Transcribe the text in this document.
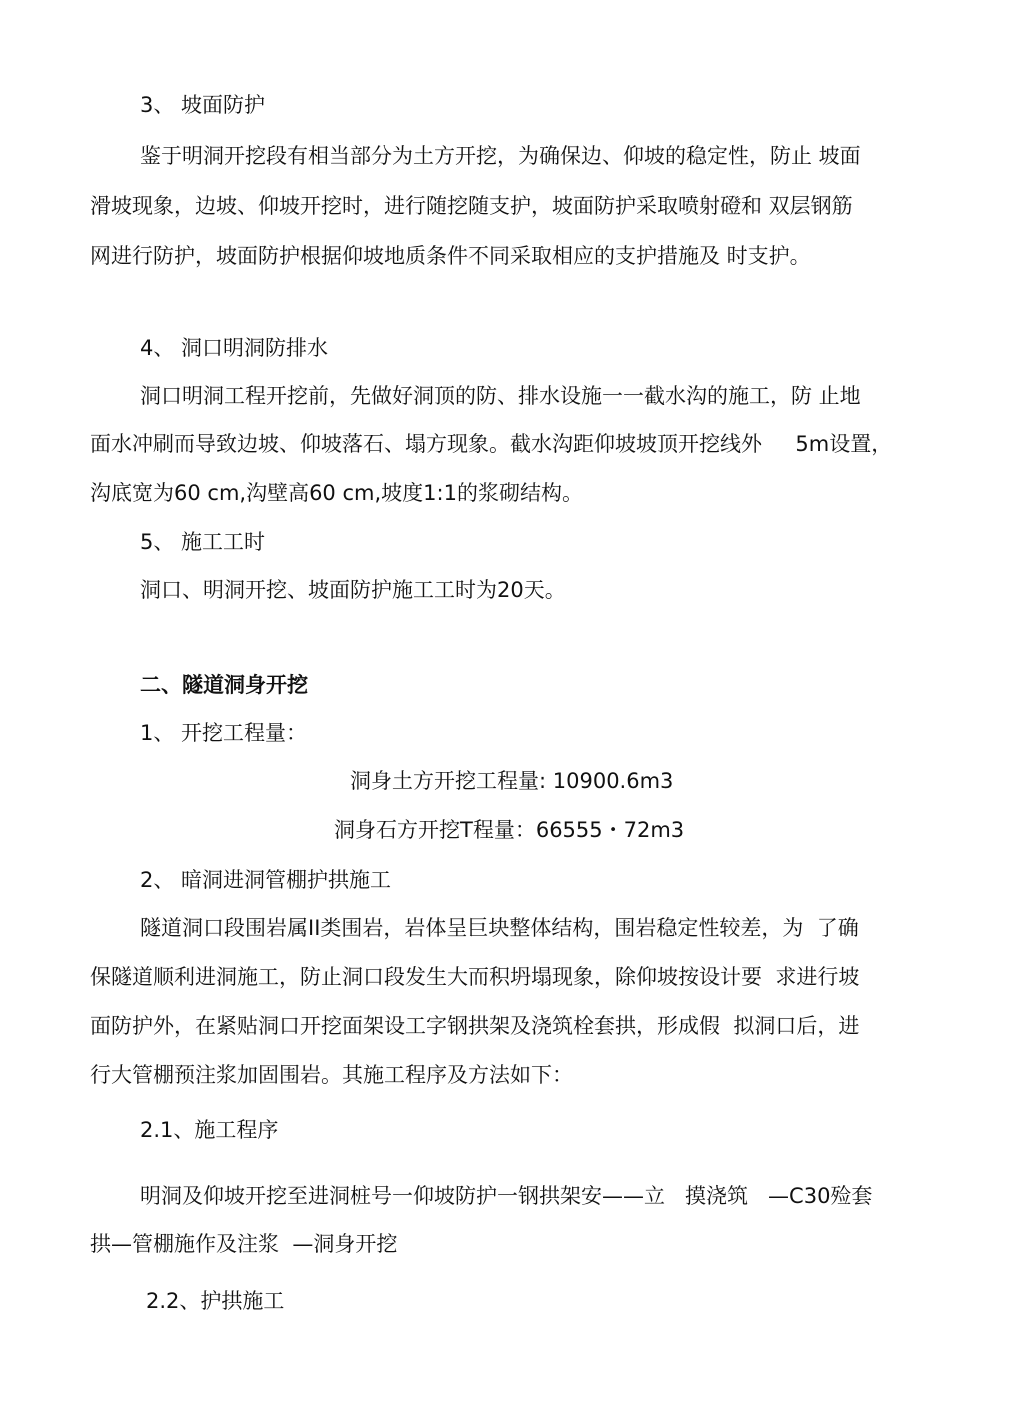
3、 坡面防护
鉴于明洞开挖段有相当部分为土方开挖，为确保边、仰坡的稳定性，防止 坡面
滑坡现象，边坡、仰坡开挖时，进行随挖随支护，坡面防护采取喷射磴和 双层钢筋
网进行防护，坡面防护根据仰坡地质条件不同采取相应的支护措施及 时支护。
4、 洞口明洞防排水
洞口明洞工程开挖前，先做好洞顶的防、排水设施一一截水沟的施工，防 止地
面水冲刷而导致边坡、仰坡落石、塌方现象。截水沟距仰坡坡顶开挖线外     5m设置，
沟底宽为60 cm,沟壁高60 cm,坡度1:1的浆砌结构。
5、 施工工时
洞口、明洞开挖、坡面防护施工工时为20天。
二、隧道洞身开挖
1、 开挖工程量：
洞身土方开挖工程量: 10900.6m3
洞身石方开挖T程量：66555・72m3
2、 暗洞进洞管棚护拱施工
隧道洞口段围岩属II类围岩，岩体呈巨块整体结构，围岩稳定性较差，为  了确
保隧道顺利进洞施工，防止洞口段发生大而积坍塌现象，除仰坡按设计要  求进行坡
面防护外，在紧贴洞口开挖面架设工字钢拱架及浇筑栓套拱，形成假  拟洞口后，进
行大管棚预注浆加固围岩。其施工程序及方法如下：
2.1、施工程序
明洞及仰坡开挖至进洞桩号一仰坡防护一钢拱架安——立   摸浇筑   —C30殓套
拱—管棚施作及注浆  —洞身开挖
2.2、护拱施工
